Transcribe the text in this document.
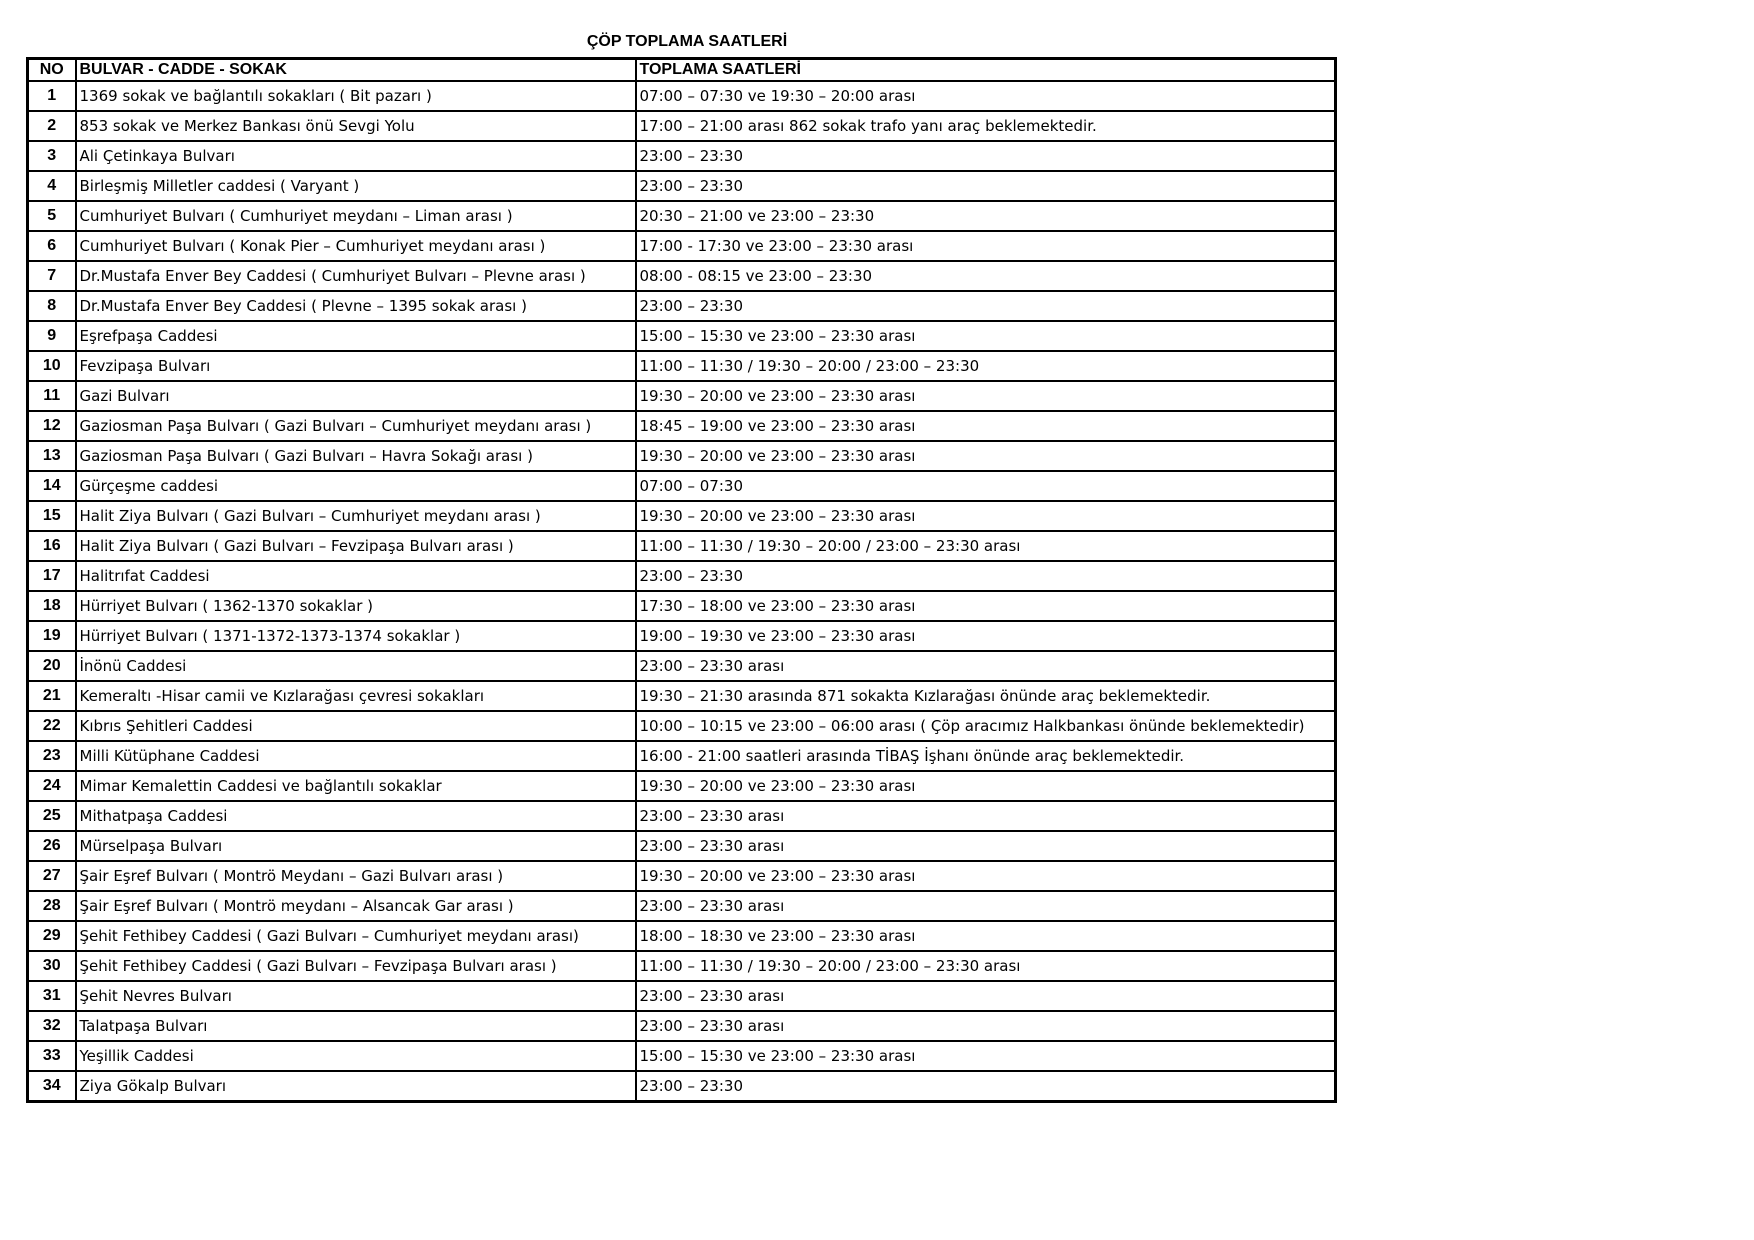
ÇÖP TOPLAMA SAATLERİ
NO	BULVAR - CADDE - SOKAK	TOPLAMA SAATLERİ
1	1369 sokak ve bağlantılı sokakları ( Bit pazarı )	07:00 – 07:30 ve 19:30 – 20:00 arası
2	853 sokak ve Merkez Bankası önü Sevgi Yolu	17:00 – 21:00 arası 862 sokak trafo yanı araç beklemektedir.
3	Ali Çetinkaya Bulvarı	23:00 – 23:30
4	Birleşmiş Milletler caddesi ( Varyant )	23:00 – 23:30
5	Cumhuriyet Bulvarı ( Cumhuriyet meydanı – Liman arası )	20:30 – 21:00 ve 23:00 – 23:30
6	Cumhuriyet Bulvarı ( Konak Pier – Cumhuriyet meydanı arası )	17:00 - 17:30 ve 23:00 – 23:30 arası
7	Dr.Mustafa Enver Bey Caddesi ( Cumhuriyet Bulvarı – Plevne arası )	08:00 - 08:15 ve 23:00 – 23:30
8	Dr.Mustafa Enver Bey Caddesi ( Plevne – 1395 sokak arası )	23:00 – 23:30
9	Eşrefpaşa Caddesi	15:00 – 15:30 ve 23:00 – 23:30 arası
10	Fevzipaşa Bulvarı	11:00 – 11:30 / 19:30 – 20:00 / 23:00 – 23:30
11	Gazi Bulvarı	19:30 – 20:00 ve 23:00 – 23:30 arası
12	Gaziosman Paşa Bulvarı ( Gazi Bulvarı – Cumhuriyet meydanı arası )	18:45 – 19:00 ve 23:00 – 23:30 arası
13	Gaziosman Paşa Bulvarı ( Gazi Bulvarı – Havra Sokağı arası )	19:30 – 20:00 ve 23:00 – 23:30 arası
14	Gürçeşme caddesi	07:00 – 07:30
15	Halit Ziya Bulvarı ( Gazi Bulvarı – Cumhuriyet meydanı arası )	19:30 – 20:00 ve 23:00 – 23:30 arası
16	Halit Ziya Bulvarı ( Gazi Bulvarı – Fevzipaşa Bulvarı arası )	11:00 – 11:30 / 19:30 – 20:00 / 23:00 – 23:30 arası
17	Halitrıfat Caddesi	23:00 – 23:30
18	Hürriyet Bulvarı ( 1362-1370 sokaklar )	17:30 – 18:00 ve 23:00 – 23:30 arası
19	Hürriyet Bulvarı ( 1371-1372-1373-1374 sokaklar )	19:00 – 19:30 ve 23:00 – 23:30 arası
20	İnönü Caddesi	23:00 – 23:30 arası
21	Kemeraltı -Hisar camii ve Kızlarağası çevresi sokakları	19:30 – 21:30 arasında 871 sokakta Kızlarağası önünde araç beklemektedir.
22	Kıbrıs Şehitleri Caddesi	10:00 – 10:15 ve 23:00 – 06:00 arası ( Çöp aracımız Halkbankası önünde beklemektedir)
23	Milli Kütüphane Caddesi	16:00 - 21:00 saatleri arasında TİBAŞ İşhanı önünde araç beklemektedir.
24	Mimar Kemalettin Caddesi ve bağlantılı sokaklar	19:30 – 20:00 ve 23:00 – 23:30 arası
25	Mithatpaşa Caddesi	23:00 – 23:30 arası
26	Mürselpaşa Bulvarı	23:00 – 23:30 arası
27	Şair Eşref Bulvarı ( Montrö Meydanı – Gazi Bulvarı arası )	19:30 – 20:00 ve 23:00 – 23:30 arası
28	Şair Eşref Bulvarı ( Montrö meydanı – Alsancak Gar arası )	23:00 – 23:30 arası
29	Şehit Fethibey Caddesi ( Gazi Bulvarı – Cumhuriyet meydanı arası)	18:00 – 18:30 ve 23:00 – 23:30 arası
30	Şehit Fethibey Caddesi ( Gazi Bulvarı – Fevzipaşa Bulvarı arası )	11:00 – 11:30 / 19:30 – 20:00 / 23:00 – 23:30 arası
31	Şehit Nevres Bulvarı	23:00 – 23:30 arası
32	Talatpaşa Bulvarı	23:00 – 23:30 arası
33	Yeşillik Caddesi	15:00 – 15:30 ve 23:00 – 23:30 arası
34	Ziya Gökalp Bulvarı	23:00 – 23:30
